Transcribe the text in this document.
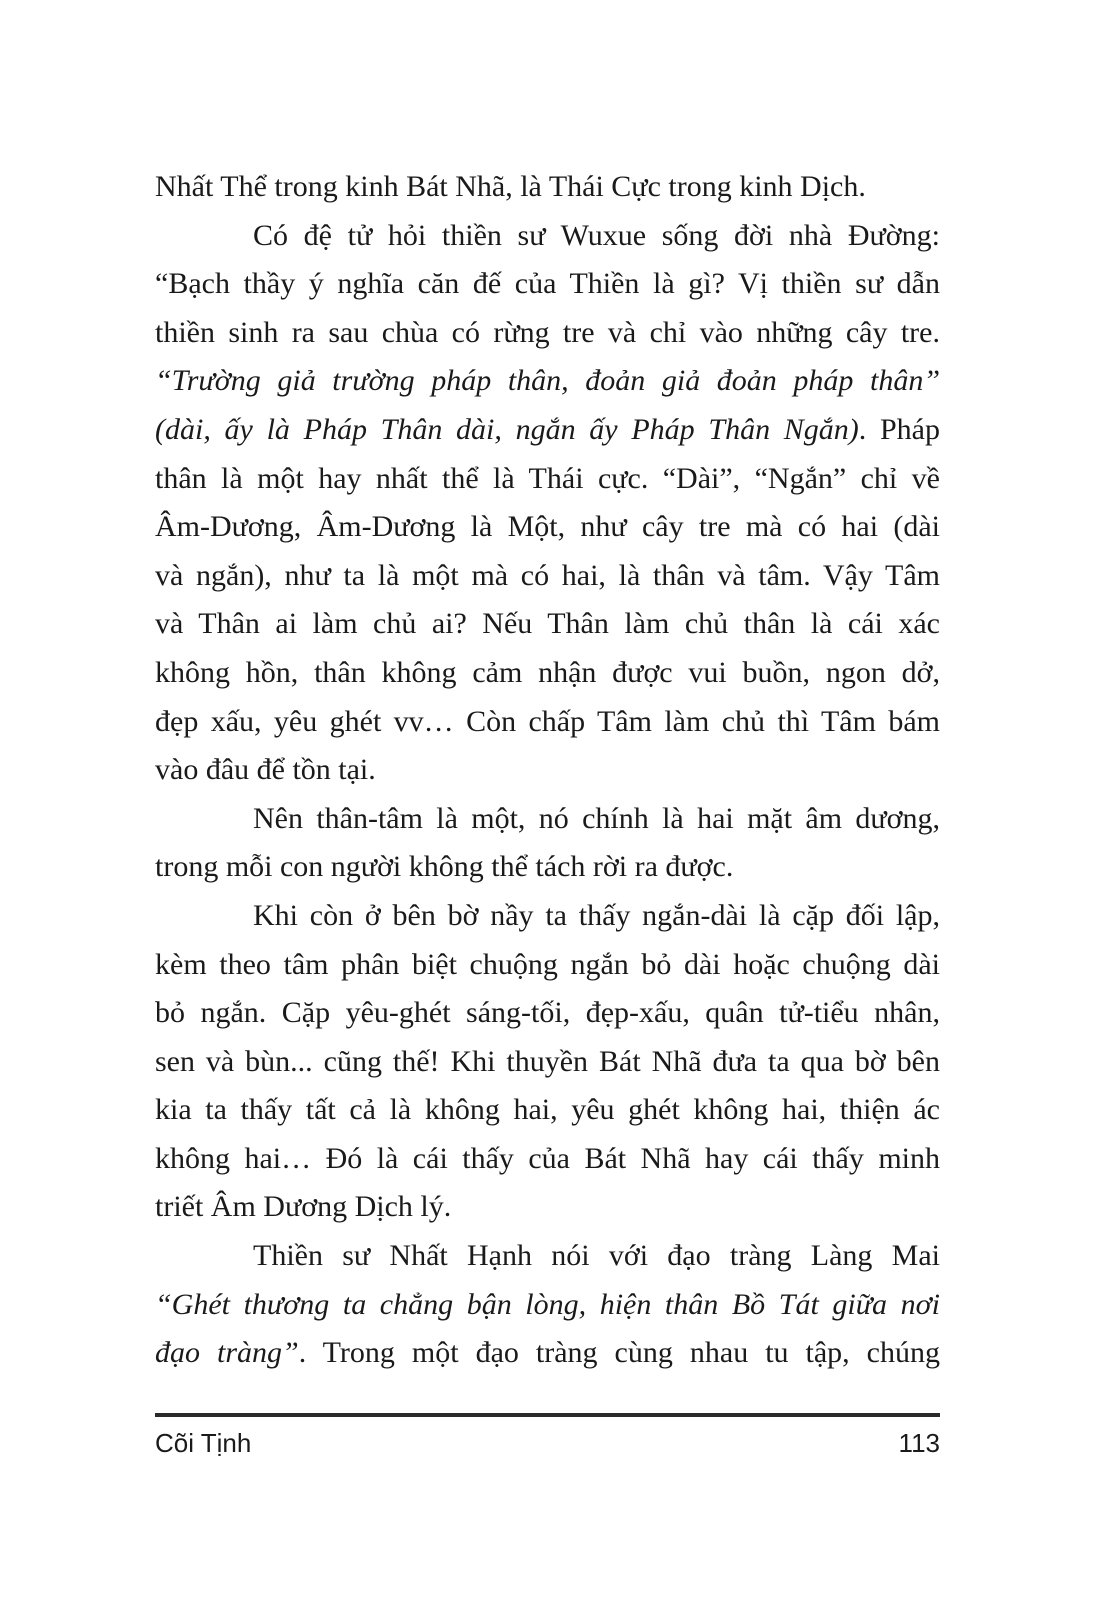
Nhất Thể trong kinh Bát Nhã, là Thái Cực trong kinh Dịch.
Có đệ tử hỏi thiền sư Wuxue sống đời nhà Đường:
“Bạch thầy ý nghĩa căn đế của Thiền là gì? Vị thiền sư dẫn
thiền sinh ra sau chùa có rừng tre và chỉ vào những cây tre.
“Trường giả trường pháp thân, đoản giả đoản pháp thân”
(dài, ấy là Pháp Thân dài, ngắn ấy Pháp Thân Ngắn). Pháp
thân là một hay nhất thể là Thái cực. “Dài”, “Ngắn” chỉ về
Âm-Dương, Âm-Dương là Một, như cây tre mà có hai (dài
và ngắn), như ta là một mà có hai, là thân và tâm. Vậy Tâm
và Thân ai làm chủ ai? Nếu Thân làm chủ thân là cái xác
không hồn, thân không cảm nhận được vui buồn, ngon dở,
đẹp xấu, yêu ghét vv… Còn chấp Tâm làm chủ thì Tâm bám
vào đâu để tồn tại.
Nên thân-tâm là một, nó chính là hai mặt âm dương,
trong mỗi con người không thể tách rời ra được.
Khi còn ở bên bờ nầy ta thấy ngắn-dài là cặp đối lập,
kèm theo tâm phân biệt chuộng ngắn bỏ dài hoặc chuộng dài
bỏ ngắn. Cặp yêu-ghét sáng-tối, đẹp-xấu, quân tử-tiểu nhân,
sen và bùn... cũng thế! Khi thuyền Bát Nhã đưa ta qua bờ bên
kia ta thấy tất cả là không hai, yêu ghét không hai, thiện ác
không hai… Đó là cái thấy của Bát Nhã hay cái thấy minh
triết Âm Dương Dịch lý.
Thiền sư Nhất Hạnh nói với đạo tràng Làng Mai
“Ghét thương ta chẳng bận lòng, hiện thân Bồ Tát giữa nơi
đạo tràng”. Trong một đạo tràng cùng nhau tu tập, chúng
Cõi Tịnh	113
